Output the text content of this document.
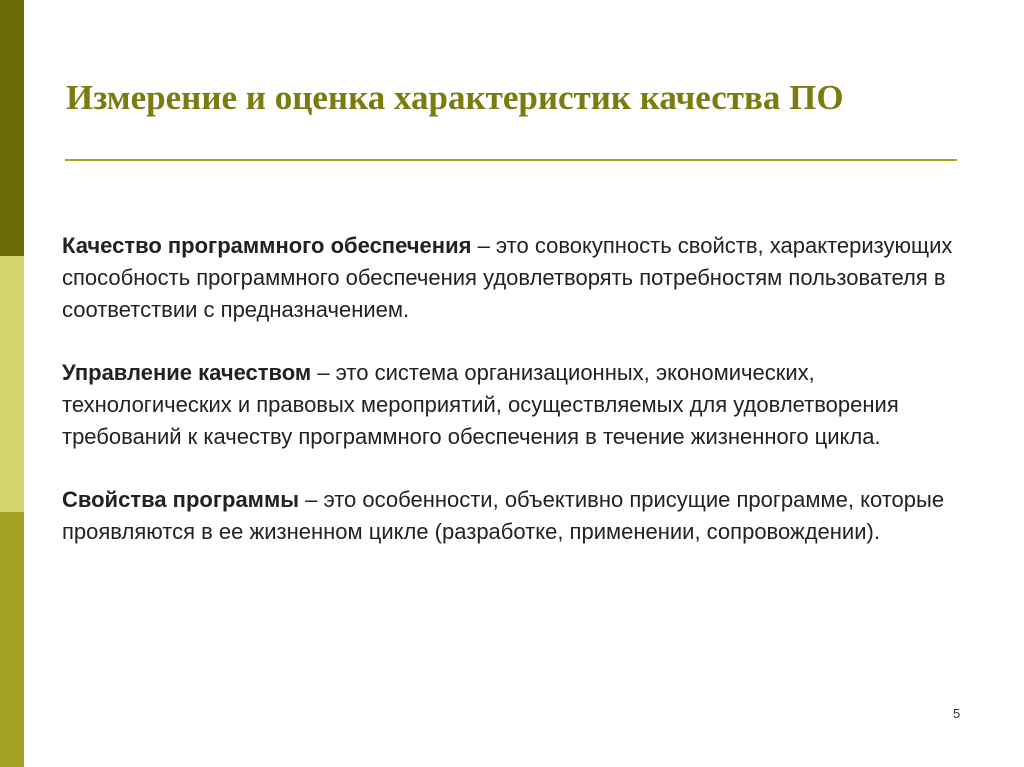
Измерение и оценка характеристик качества ПО

Качество программного обеспечения – это совокупность свойств, характеризующих способность программного обеспечения удовлетворять потребностям пользователя в соответствии с предназначением.

Управление качеством – это система организационных, экономических, технологических и правовых мероприятий, осуществляемых для удовлетворения требований к качеству программного обеспечения в течение жизненного цикла.

Свойства программы – это особенности, объективно присущие программе, которые проявляются в ее жизненном цикле (разработке, применении, сопровождении).

5
